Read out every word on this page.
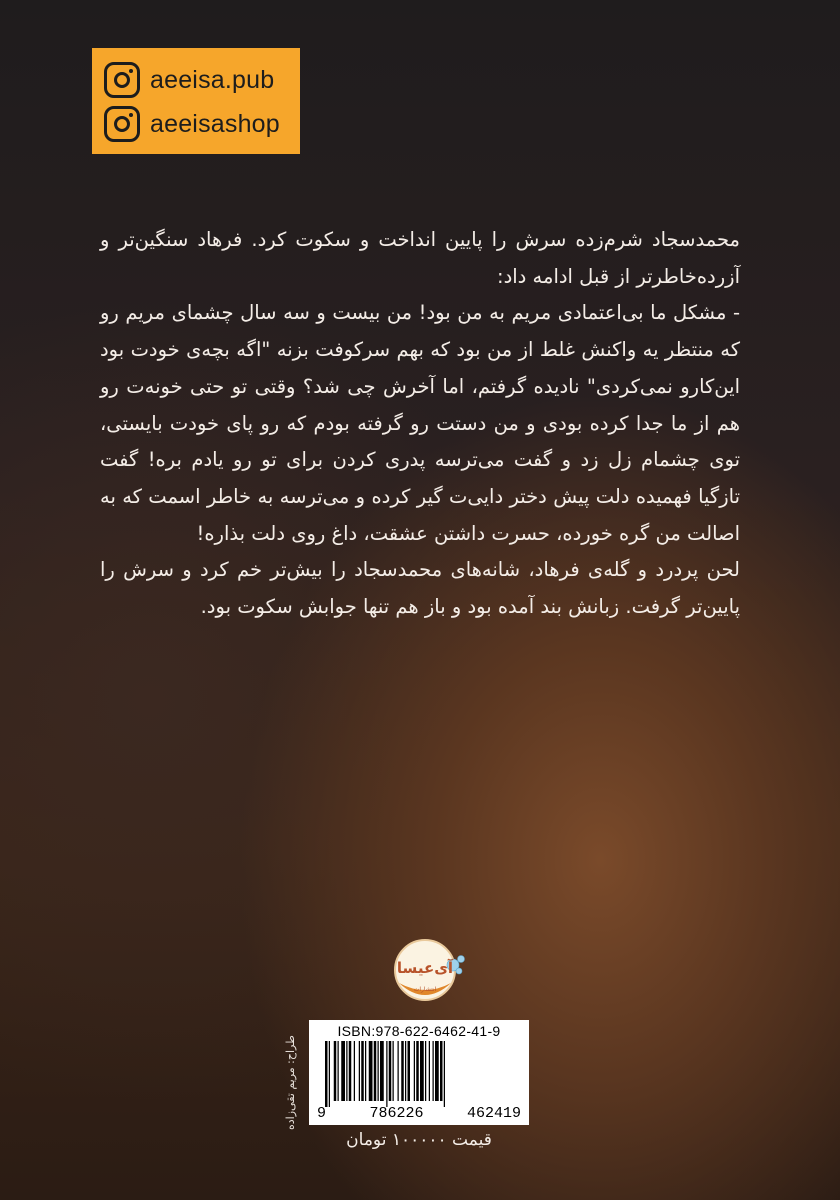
aeeisa.pub
aeeisashop

محمدسجاد شرم‌زده سرش را پایین انداخت و سکوت کرد. فرهاد سنگین‌تر و آزرده‌خاطرتر از قبل ادامه داد:

- مشکل ما بی‌اعتمادی مریم به من بود! من بیست و سه سال چشمای مریم رو که منتظر یه واکنش غلط از من بود که بهم سرکوفت بزنه "اگه بچه‌ی خودت بود این‌کارو نمی‌کردی" نادیده گرفتم، اما آخرش چی شد؟ وقتی تو حتی خونه‌ت رو هم از ما جدا کرده بودی و من دستت رو گرفته بودم که رو پای خودت بایستی، توی چشمام زل زد و گفت می‌ترسه پدری کردن برای تو رو یادم بره! گفت تازگیا فهمیده دلت پیش دختر دایی‌ت گیر کرده و می‌ترسه به خاطر اسمت که به اصالت من گره خورده، حسرت داشتن عشقت، داغ روی دلت بذاره!

لحن پردرد و گله‌ی فرهاد، شانه‌های محمدسجاد را بیش‌تر خم کرد و سرش را پایین‌تر گرفت. زبانش بند آمده بود و باز هم تنها جوابش سکوت بود.

آی‌عیسا
انتشارات
طراح: مریم تقی‌زاده
ISBN:978-622-6462-41-9
9	786226	462419
قیمت ۱۰۰۰۰۰ تومان
